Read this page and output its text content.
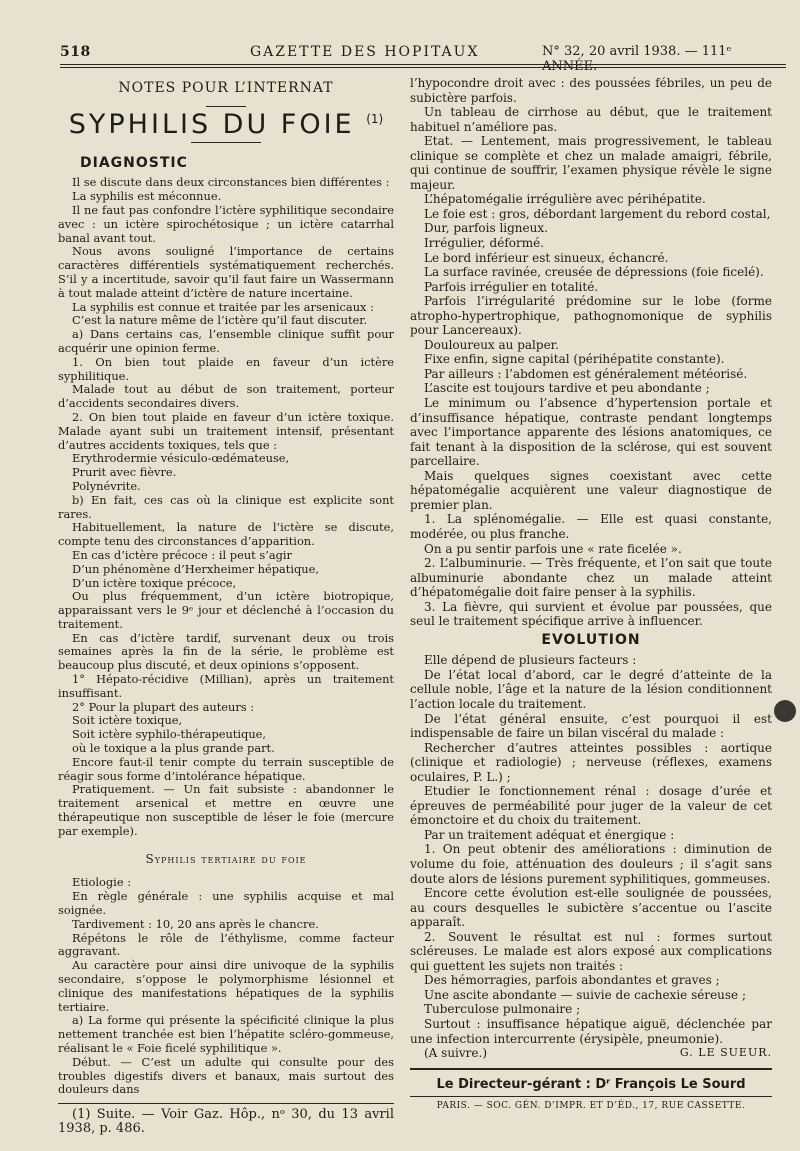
518	GAZETTE DES HOPITAUX	N° 32, 20 avril 1938. — 111ᵉ ANNÉE.
NOTES POUR L’INTERNAT
SYPHILIS DU FOIE $^{(1)}$
DIAGNOSTIC

Il se discute dans deux circonstances bien différentes :

La syphilis est méconnue.

Il ne faut pas confondre l’ictère syphilitique secondaire avec : un ictère spirochétosique ; un ictère catarrhal banal avant tout.

Nous avons souligné l’importance de certains caractères différentiels systématiquement recherchés. S’il y a incertitude, savoir qu’il faut faire un Wassermann à tout malade atteint d’ictère de nature incertaine.

La syphilis est connue et traitée par les arsenicaux :

C’est la nature même de l’ictère qu’il faut discuter.

a) Dans certains cas, l’ensemble clinique suffit pour acquérir une opinion ferme.

1. On bien tout plaide en faveur d’un ictère syphilitique.

Malade tout au début de son traitement, porteur d’accidents secondaires divers.

2. On bien tout plaide en faveur d’un ictère toxique. Malade ayant subi un traitement intensif, présentant d’autres accidents toxiques, tels que :

Erythrodermie vésiculo-œdémateuse,

Prurit avec fièvre.

Polynévrite.

b) En fait, ces cas où la clinique est explicite sont rares.

Habituellement, la nature de l’ictère se discute, compte tenu des circonstances d’apparition.

En cas d’ictère précoce : il peut s’agir

D’un phénomène d’Herxheimer hépatique,

D’un ictère toxique précoce,

Ou plus fréquemment, d’un ictère biotropique, apparaissant vers le 9ᵉ jour et déclenché à l’occasion du traitement.

En cas d’ictère tardif, survenant deux ou trois semaines après la fin de la série, le problème est beaucoup plus discuté, et deux opinions s’opposent.

1° Hépato-récidive (Millian), après un traitement insuffisant.

2° Pour la plupart des auteurs :

Soit ictère toxique,

Soit ictère syphilo-thérapeutique,

où le toxique a la plus grande part.

Encore faut-il tenir compte du terrain susceptible de réagir sous forme d’intolérance hépatique.

Pratiquement. — Un fait subsiste : abandonner le traitement arsenical et mettre en œuvre une thérapeutique non susceptible de léser le foie (mercure par exemple).

Syphilis tertiaire du foie

Etiologie :

En règle générale : une syphilis acquise et mal soignée.

Tardivement : 10, 20 ans après le chancre.

Répétons le rôle de l’éthylisme, comme facteur aggravant.

Au caractère pour ainsi dire univoque de la syphilis secondaire, s’oppose le polymorphisme lésionnel et clinique des manifestations hépatiques de la syphilis tertiaire.

a) La forme qui présente la spécificité clinique la plus nettement tranchée est bien l’hépatite scléro-gommeuse, réalisant le « Foie ficelé syphilitique ».

Début. — C’est un adulte qui consulte pour des troubles digestifs divers et banaux, mais surtout des douleurs dans

(1) Suite. — Voir Gaz. Hôp., nᵒ 30, du 13 avril 1938, p. 486.

l’hypocondre droit avec : des poussées fébriles, un peu de subictère parfois.

Un tableau de cirrhose au début, que le traitement habituel n’améliore pas.

Etat. — Lentement, mais progressivement, le tableau clinique se complète et chez un malade amaigri, fébrile, qui continue de souffrir, l’examen physique révèle le signe majeur.

L’hépatomégalie irrégulière avec périhépatite.

Le foie est : gros, débordant largement du rebord costal,

Dur, parfois ligneux.

Irrégulier, déformé.

Le bord inférieur est sinueux, échancré.

La surface ravinée, creusée de dépressions (foie ficelé).

Parfois irrégulier en totalité.

Parfois l’irrégularité prédomine sur le lobe (forme atropho-hypertrophique, pathognomonique de syphilis pour Lancereaux).

Douloureux au palper.

Fixe enfin, signe capital (périhépatite constante).

Par ailleurs : l’abdomen est généralement météorisé.

L’ascite est toujours tardive et peu abondante ;

Le minimum ou l’absence d’hypertension portale et d’insuffisance hépatique, contraste pendant longtemps avec l’importance apparente des lésions anatomiques, ce fait tenant à la disposition de la sclérose, qui est souvent parcellaire.

Mais quelques signes coexistant avec cette hépatomégalie acquièrent une valeur diagnostique de premier plan.

1. La splénomégalie. — Elle est quasi constante, modérée, ou plus franche.

On a pu sentir parfois une « rate ficelée ».

2. L’albuminurie. — Très fréquente, et l’on sait que toute albuminurie abondante chez un malade atteint d’hépatomégalie doit faire penser à la syphilis.

3. La fièvre, qui survient et évolue par poussées, que seul le traitement spécifique arrive à influencer.

EVOLUTION

Elle dépend de plusieurs facteurs :

De l’état local d’abord, car le degré d’atteinte de la cellule noble, l’âge et la nature de la lésion conditionnent l’action locale du traitement.

De l’état général ensuite, c’est pourquoi il est indispensable de faire un bilan viscéral du malade :

Rechercher d’autres atteintes possibles : aortique (clinique et radiologie) ; nerveuse (réflexes, examens oculaires, P. L.) ;

Etudier le fonctionnement rénal : dosage d’urée et épreuves de perméabilité pour juger de la valeur de cet émonctoire et du choix du traitement.

Par un traitement adéquat et énergique :

1. On peut obtenir des améliorations : diminution de volume du foie, atténuation des douleurs ; il s’agit sans doute alors de lésions purement syphilitiques, gommeuses.

Encore cette évolution est-elle soulignée de poussées, au cours desquelles le subictère s’accentue ou l’ascite apparaît.

2. Souvent le résultat est nul : formes surtout scléreuses. Le malade est alors exposé aux complications qui guettent les sujets non traités :

Des hémorragies, parfois abondantes et graves ;

Une ascite abondante — suivie de cachexie séreuse ;

Tuberculose pulmonaire ;

Surtout : insuffisance hépatique aiguë, déclenchée par une infection intercurrente (érysipèle, pneumonie).

(A suivre.)	G. LE SUEUR.
Le Directeur-gérant : Dʳ François Le Sourd
PARIS. — SOC. GÉN. D’IMPR. ET D’ÉD., 17, RUE CASSETTE.
